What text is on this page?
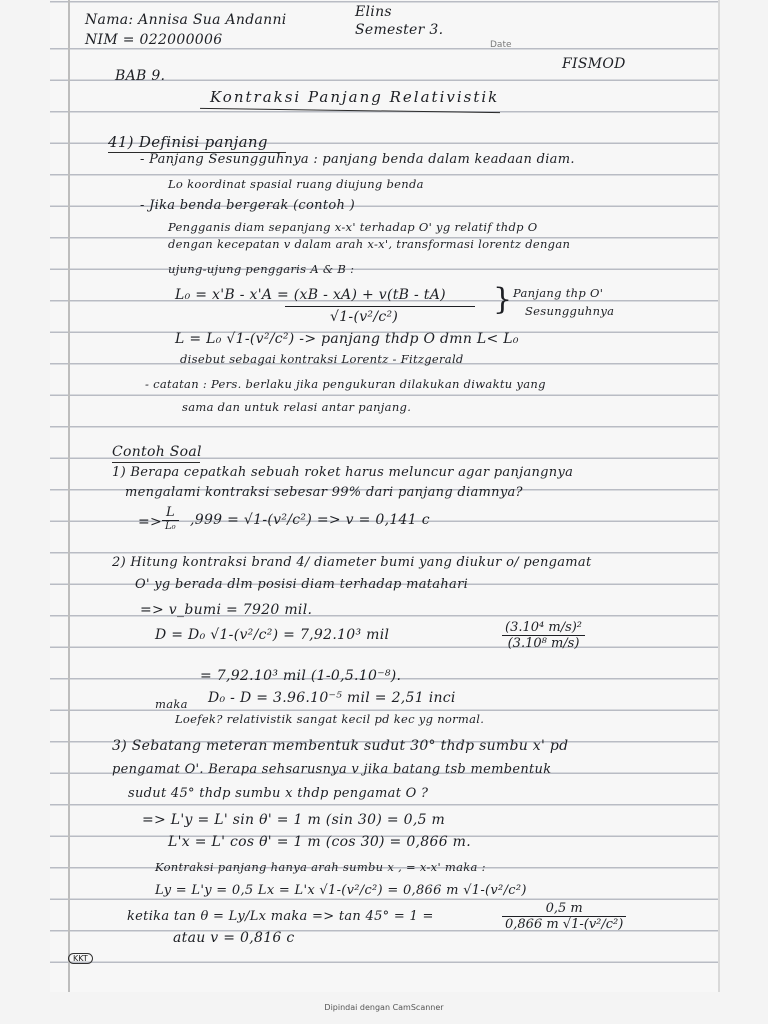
Nama: Annisa Sua Andanni
NIM = 022000006
Elins
Semester 3.
Date
BAB 9.
FISMOD
Kontraksi Panjang Relativistik
41) Definisi panjang
- Panjang Sesungguhnya : panjang benda dalam keadaan diam.
Lo koordinat spasial ruang diujung benda
- Jika benda bergerak (contoh )
Pengganis diam sepanjang x-x' terhadap O' yg relatif thdp O
dengan kecepatan v dalam arah x-x', transformasi lorentz dengan
ujung-ujung penggaris A & B :
L₀ = x'B - x'A = (xB - xA) + v(tB - tA)
√1-(v²/c²)	} Panjang thp O'
Sesungguhnya
L = L₀ √1-(v²/c²) -> panjang thdp O dmn L< L₀
disebut sebagai kontraksi Lorentz - Fitzgerald
- catatan : Pers. berlaku jika pengukuran dilakukan diwaktu yang
sama dan untuk relasi antar panjang.
Contoh Soal
1) Berapa cepatkah sebuah roket harus meluncur agar panjangnya
mengalami kontraksi sebesar 99% dari panjang diamnya?
=>
L
L₀ ,999 = √1-(v²/c²) => v = 0,141 c
2) Hitung kontraksi brand 4/ diameter bumi yang diukur o/ pengamat
O' yg berada dlm posisi diam terhadap matahari
=> v_bumi = 7920 mil.
D = D₀ √1-(v²/c²) = 7,92.10³ mil	$\frac{\text{(3.10⁴ m/s)²}}{\text{(3.10⁸ m/s)}}$
= 7,92.10³ mil (1-0,5.10⁻⁸).
maka D₀ - D = 3.96.10⁻⁵ mil = 2,51 inci
Loefek? relativistik sangat kecil pd kec yg normal.
3) Sebatang meteran membentuk sudut 30° thdp sumbu x' pd
pengamat O'. Berapa sehsarusnya v jika batang tsb membentuk
sudut 45° thdp sumbu x thdp pengamat O ?
=> L'y = L' sin θ' = 1 m (sin 30) = 0,5 m
L'x = L' cos θ' = 1 m (cos 30) = 0,866 m.
Kontraksi panjang hanya arah sumbu x , = x-x' maka :
Ly = L'y = 0,5 Lx = L'x √1-(v²/c²) = 0,866 m √1-(v²/c²)
ketika tan θ = Ly/Lx maka => tan 45° = 1 =	$\frac{0,5 m}{\text{0,866 m √1-(v²/c²)}}$
atau v = 0,816 c
KKT
Dipindai dengan CamScanner
